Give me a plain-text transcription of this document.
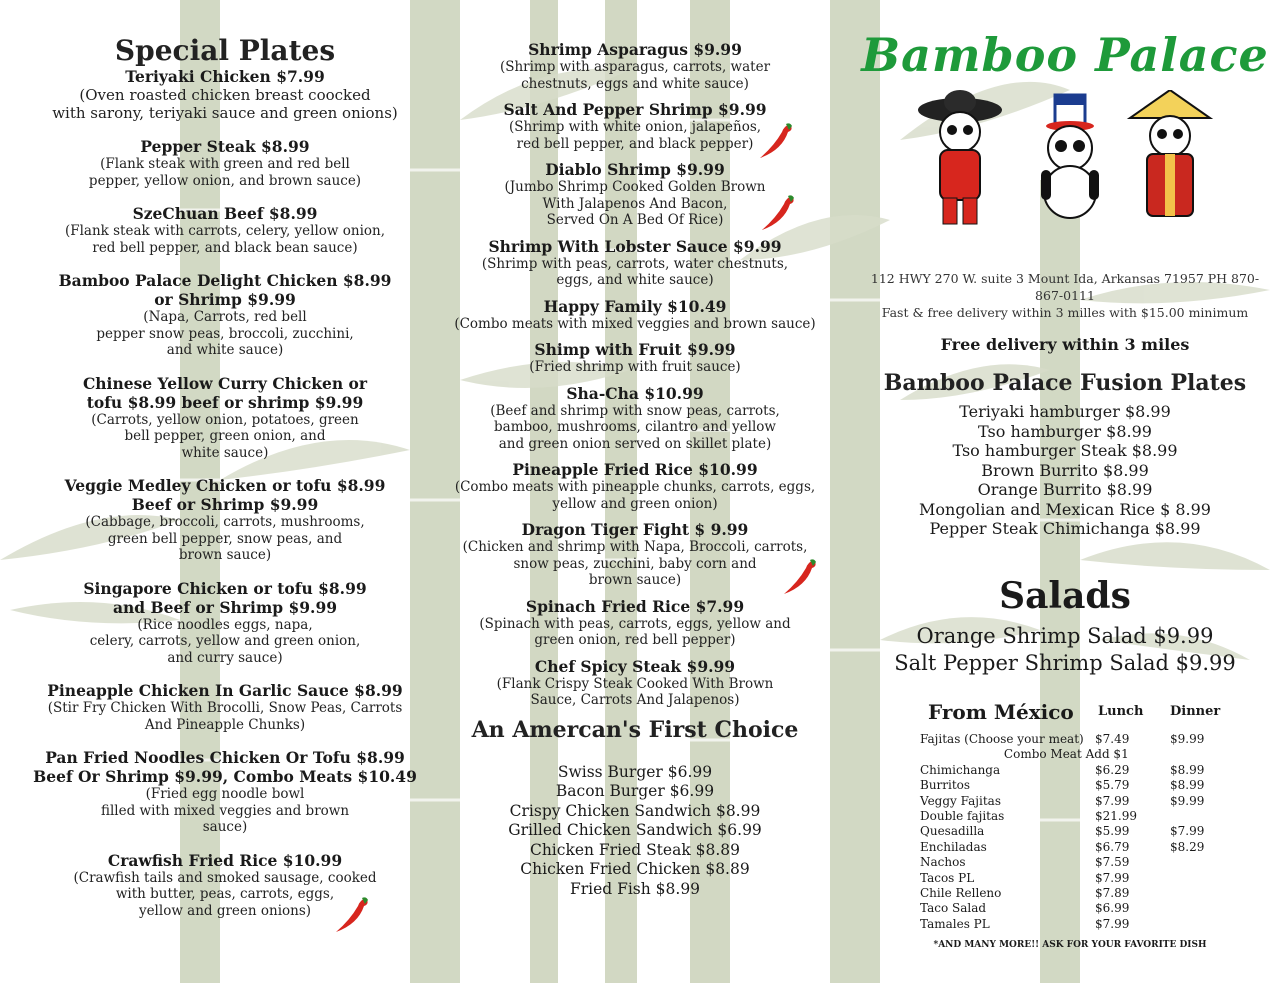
Special Plates
Teriyaki Chicken $7.99
(Oven roasted chicken breast coocked
with sarony, teriyaki sauce and green onions)
Pepper Steak $8.99
(Flank steak with green and red bell
pepper, yellow onion, and brown sauce)
SzeChuan Beef $8.99
(Flank steak with carrots, celery, yellow onion,
red bell pepper, and black bean sauce)
Bamboo Palace Delight Chicken $8.99
or Shrimp $9.99
(Napa, Carrots, red bell
pepper snow peas, broccoli, zucchini,
and white sauce)
Chinese Yellow Curry Chicken or
tofu $8.99 beef or shrimp $9.99
(Carrots, yellow onion, potatoes, green
bell pepper, green onion, and
white sauce)
Veggie Medley Chicken or tofu $8.99
Beef or Shrimp $9.99
(Cabbage, broccoli, carrots, mushrooms,
green bell pepper, snow peas, and
brown sauce)
Singapore Chicken or tofu $8.99
and Beef or Shrimp $9.99
(Rice noodles eggs, napa,
celery, carrots, yellow and green onion,
and curry sauce)
Pineapple Chicken In Garlic Sauce $8.99
(Stir Fry Chicken With Brocolli, Snow Peas, Carrots
And Pineapple Chunks)
Pan Fried Noodles Chicken Or Tofu $8.99
Beef Or Shrimp $9.99, Combo Meats $10.49
(Fried egg noodle bowl
filled with mixed veggies and brown
sauce)
Crawfish Fried Rice $10.99
(Crawfish tails and smoked sausage, cooked
with butter, peas, carrots, eggs,
yellow and green onions)
Shrimp Asparagus $9.99
(Shrimp with asparagus, carrots, water
chestnuts, eggs and white sauce)
Salt And Pepper Shrimp $9.99
(Shrimp with white onion, jalapeños,
red bell pepper, and black pepper)
Diablo Shrimp $9.99
(Jumbo Shrimp Cooked Golden Brown
With Jalapenos And Bacon,
Served On A Bed Of Rice)
Shrimp With Lobster Sauce $9.99
(Shrimp with peas, carrots, water chestnuts,
eggs, and white sauce)
Happy Family $10.49
(Combo meats with mixed veggies and brown sauce)
Shimp with Fruit $9.99
(Fried shrimp with fruit sauce)
Sha-Cha $10.99
(Beef and shrimp with snow peas, carrots,
bamboo, mushrooms, cilantro and yellow
and green onion served on skillet plate)
Pineapple Fried Rice $10.99
(Combo meats with pineapple chunks, carrots, eggs,
yellow and green onion)
Dragon Tiger Fight $ 9.99
(Chicken and shrimp with Napa, Broccoli, carrots,
snow peas, zucchini, baby corn and
brown sauce)
Spinach Fried Rice $7.99
(Spinach with peas, carrots, eggs, yellow and
green onion, red bell pepper)
Chef Spicy Steak $9.99
(Flank Crispy Steak Cooked With Brown
Sauce, Carrots And Jalapenos)
An Amercan's First Choice
Swiss Burger $6.99
Bacon Burger $6.99
Crispy Chicken Sandwich $8.99
Grilled Chicken Sandwich $6.99
Chicken Fried Steak $8.89
Chicken Fried Chicken $8.89
Fried Fish $8.99
Bamboo Palace
112 HWY 270 W. suite 3 Mount Ida, Arkansas 71957 PH 870-867-0111
Fast & free delivery within 3 milles with $15.00 minimum
Free delivery within 3 miles
Bamboo Palace Fusion Plates
Teriyaki hamburger $8.99
Tso hamburger $8.99
Tso hamburger Steak $8.99
Brown Burrito $8.99
Orange Burrito $8.99
Mongolian and Mexican Rice $ 8.99
Pepper Steak Chimichanga $8.99
Salads
Orange Shrimp Salad $9.99
Salt Pepper Shrimp Salad $9.99
From México Lunch Dinner
Fajitas (Choose your meat) $7.49	$9.99
Combo Meat Add $1
Chimichanga	$6.29	$8.99
Burritos	$5.79	$8.99
Veggy Fajitas	$7.99	$9.99
Double fajitas	$21.99
Quesadilla	$5.99	$7.99
Enchiladas	$6.79	$8.29
Nachos	$7.59
Tacos PL	$7.99
Chile Relleno	$7.89
Taco Salad	$6.99
Tamales PL	$7.99
*AND MANY MORE!! ASK FOR YOUR FAVORITE DISH
